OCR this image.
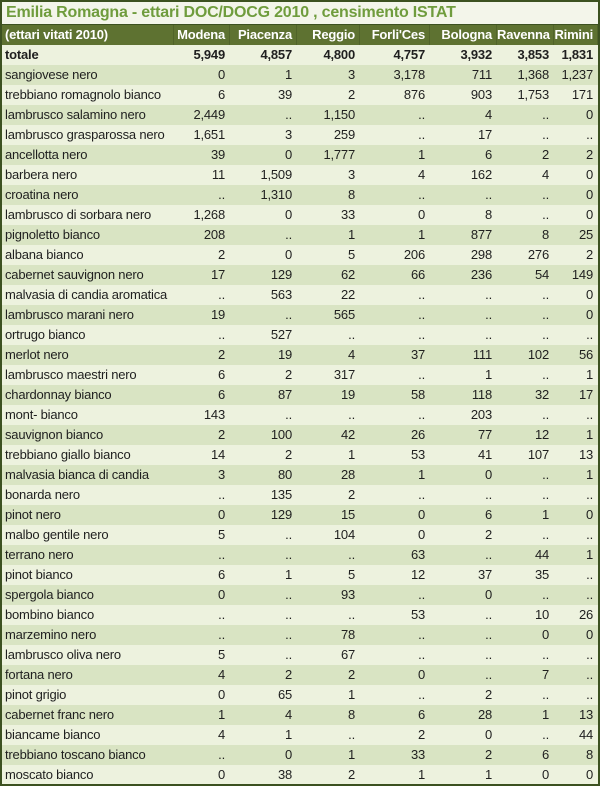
Emilia Romagna - ettari DOC/DOCG 2010 , censimento ISTAT
(ettari vitati 2010)	Modena	Piacenza	Reggio	Forli'Ces	Bologna	Ravenna	Rimini
totale	5,949	4,857	4,800	4,757	3,932	3,853	1,831
sangiovese nero	0	1	3	3,178	711	1,368	1,237
trebbiano romagnolo bianco	6	39	2	876	903	1,753	171
lambrusco salamino nero	2,449	..	1,150	..	4	..	0
lambrusco grasparossa nero	1,651	3	259	..	17	..	..
ancellotta nero	39	0	1,777	1	6	2	2
barbera nero	11	1,509	3	4	162	4	0
croatina nero	..	1,310	8	..	..	..	0
lambrusco di sorbara nero	1,268	0	33	0	8	..	0
pignoletto bianco	208	..	1	1	877	8	25
albana bianco	2	0	5	206	298	276	2
cabernet sauvignon nero	17	129	62	66	236	54	149
malvasia di candia aromatica	..	563	22	..	..	..	0
lambrusco marani nero	19	..	565	..	..	..	0
ortrugo bianco	..	527	..	..	..	..	..
merlot nero	2	19	4	37	111	102	56
lambrusco maestri nero	6	2	317	..	1	..	1
chardonnay bianco	6	87	19	58	118	32	17
mont- bianco	143	..	..	..	203	..	..
sauvignon bianco	2	100	42	26	77	12	1
trebbiano giallo bianco	14	2	1	53	41	107	13
malvasia bianca di candia	3	80	28	1	0	..	1
bonarda nero	..	135	2	..	..	..	..
pinot nero	0	129	15	0	6	1	0
malbo gentile nero	5	..	104	0	2	..	..
terrano nero	..	..	..	63	..	44	1
pinot bianco	6	1	5	12	37	35	..
spergola bianco	0	..	93	..	0	..	..
bombino bianco	..	..	..	53	..	10	26
marzemino nero	..	..	78	..	..	0	0
lambrusco oliva nero	5	..	67	..	..	..	..
fortana nero	4	2	2	0	..	7	..
pinot grigio	0	65	1	..	2	..	..
cabernet franc nero	1	4	8	6	28	1	13
biancame bianco	4	1	..	2	0	..	44
trebbiano toscano bianco	..	0	1	33	2	6	8
moscato bianco	0	38	2	1	1	0	0
